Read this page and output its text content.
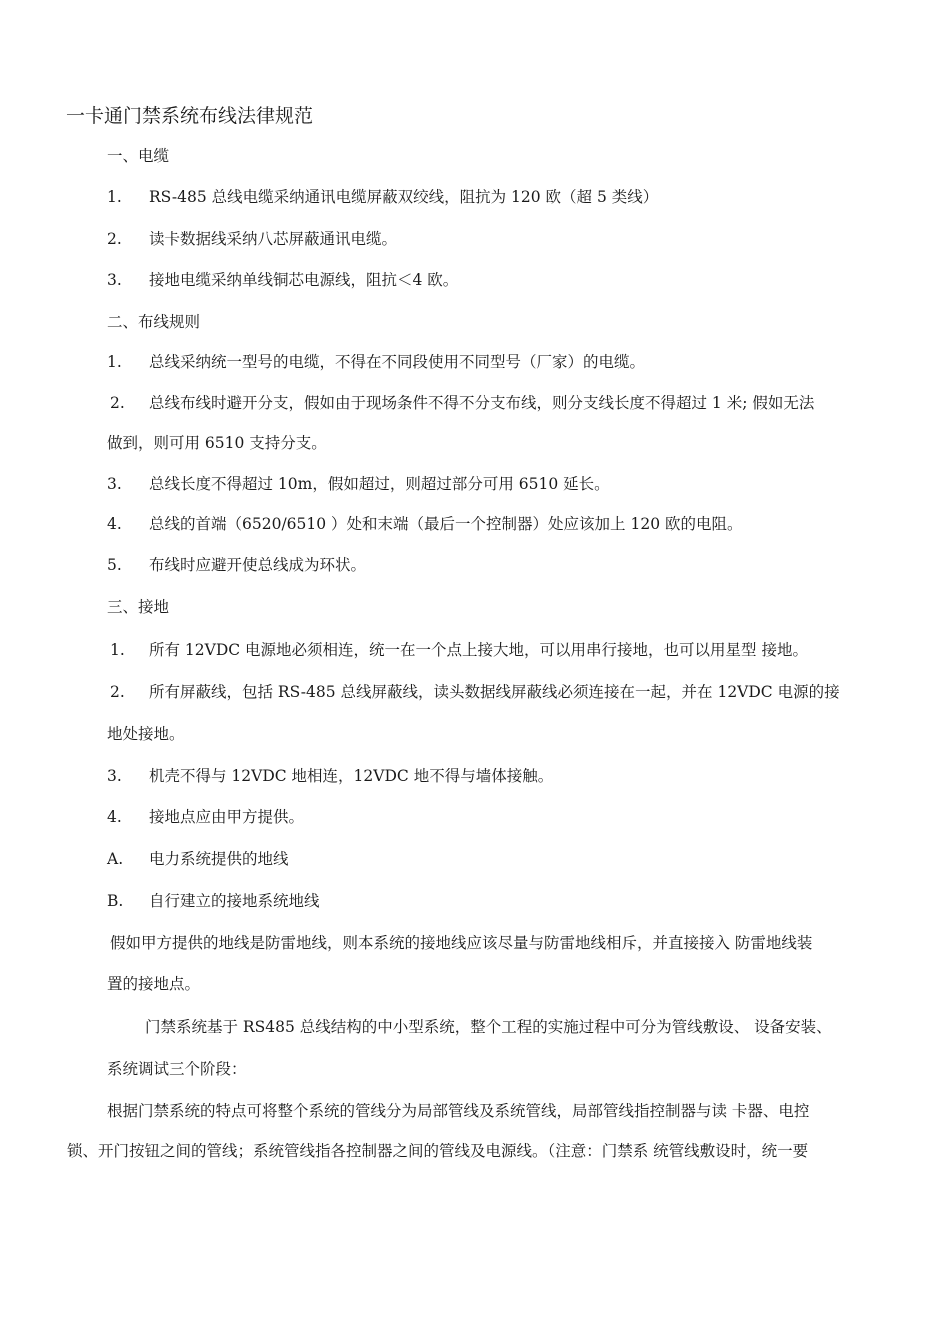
一卡通门禁系统布线法律规范
一、电缆
1. RS-485 总线电缆采纳通讯电缆屏蔽双绞线，阻抗为 120 欧（超 5 类线）
2. 读卡数据线采纳八芯屏蔽通讯电缆。
3. 接地电缆采纳单线铜芯电源线，阻抗＜4 欧。
二、布线规则
1. 总线采纳统一型号的电缆，不得在不同段使用不同型号（厂家）的电缆。
2. 总线布线时避开分支，假如由于现场条件不得不分支布线，则分支线长度不得超过 1 米; 假如无法
做到，则可用 6510 支持分支。
3. 总线长度不得超过 10m，假如超过，则超过部分可用 6510 延长。
4. 总线的首端（6520/6510 ）处和末端（最后一个控制器）处应该加上 120 欧的电阻。
5. 布线时应避开使总线成为环状。
三、接地
1. 所有 12VDC 电源地必须相连，统一在一个点上接大地，可以用串行接地，也可以用星型 接地。
2. 所有屏蔽线，包括 RS-485 总线屏蔽线，读头数据线屏蔽线必须连接在一起，并在 12VDC 电源的接
地处接地。
3. 机壳不得与 12VDC 地相连，12VDC 地不得与墙体接触。
4. 接地点应由甲方提供。
A. 电力系统提供的地线
B. 自行建立的接地系统地线
假如甲方提供的地线是防雷地线，则本系统的接地线应该尽量与防雷地线相斥，并直接接入 防雷地线装
置的接地点。
门禁系统基于 RS485 总线结构的中小型系统，整个工程的实施过程中可分为管线敷设、 设备安装、
系统调试三个阶段：
根据门禁系统的特点可将整个系统的管线分为局部管线及系统管线，局部管线指控制器与读 卡器、电控
锁、开门按钮之间的管线；系统管线指各控制器之间的管线及电源线。（注意：门禁系 统管线敷设时，统一要
